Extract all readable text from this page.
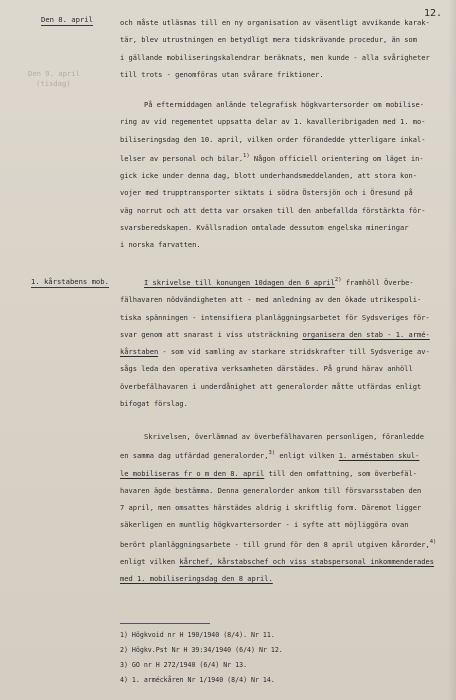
12.
Den 8. april
Den 9. april
(tisdag)
1. kårstabens mob.
och måste utläsmas till en ny organisation av väsentligt avvikande karak-
tär, blev utrustningen en betydligt mera tidskrävande procedur, än som
i gällande mobiliseringskalendrar beräknats, men kunde - alla svårigheter
till trots - genomföras utan svårare friktioner.
På eftermiddagen anlände telegrafisk högkvartersorder om mobilise-
ring av vid regementet uppsatta delar av 1. kavalleribrigaden med 1. mo-
biliseringsdag den 10. april, vilken order förandedde ytterligare inkal-
lelser av personal och bilar.$^{1)}$ Någon officiell orientering om läget in-
gick icke under denna dag, blott underhandsmeddelanden, att stora kon-
vojer med trupptransporter siktats i södra Östersjön och i Öresund på
väg norrut och att detta var orsaken till den anbefallda förstärkta för-
svarsberedskapen. Kvällsradion omtalade dessutom engelska mineringar
i norska farvatten.
I skrivelse till konungen 10dagen den 6 april$^{2)}$ framhöll Överbe-
fälhavaren nödvändigheten att - med anledning av den ökade utrikespoli-
tiska spänningen - intensifiera planläggningsarbetet för Sydsveriges för-
svar genom att snarast i viss utsträckning organisera den stab - 1. armé-
kårstaben - som vid samling av starkare stridskrafter till Sydsverige av-
sågs leda den operativa verksamheten därstädes. På grund härav anhöll
överbefälhavaren i underdånighet att generalorder måtte utfärdas enligt
bifogat förslag.
Skrivelsen, överlämnad av överbefälhavaren personligen, föranledde
en samma dag utfärdad generalorder,$^{3)}$ enligt vilken 1. arméstaben skul-
le mobiliseras fr o m den 8. april till den omfattning, som överbefäl-
havaren ägde bestämma. Denna generalorder ankom till försvarsstaben den
7 april, men omsattes härstädes aldrig i skriftlig form. Däremot ligger
säkerligen en muntlig högkvartersorder - i syfte att möjliggöra ovan
berört planläggningsarbete - till grund för den 8 april utgiven kårorder,$^{4)}$
enligt vilken kårchef, kårstabschef och viss stabspersonal inkommenderades
med 1. mobiliseringsdag den 8 april.
1) Högkvoid nr H 190/1940 (8/4). Nr 11.
2) Högkv.Pst Nr H 39:34/1940 (6/4) Nr 12.
3) GO nr H 272/1940 (6/4) Nr 13.
4) 1. arméckåren Nr 1/1940 (8/4) Nr 14.
